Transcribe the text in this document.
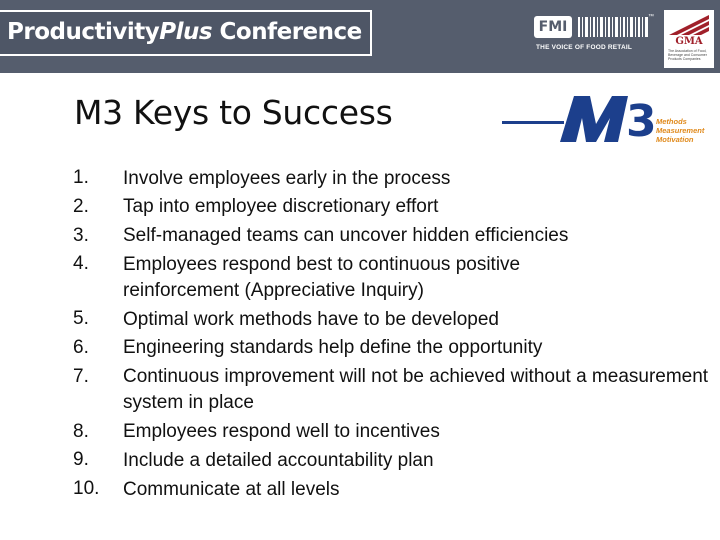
ProductivityPlus Conference	FMI
™
THE VOICE OF FOOD RETAIL
GMA
The Association of Food, Beverage and Consumer Products Companies
M3 Keys to Success	3 Methods
Measurement
Motivation
1. Involve employees early in the process
2. Tap into employee discretionary effort
3. Self-managed teams can uncover hidden efficiencies
4. Employees respond best to continuous positive reinforcement (Appreciative Inquiry)
5. Optimal work methods have to be developed
6. Engineering standards help define the opportunity
7. Continuous improvement will not be achieved without a measurement system in place
8. Employees respond well to incentives
9. Include a detailed accountability plan
10. Communicate at all levels
